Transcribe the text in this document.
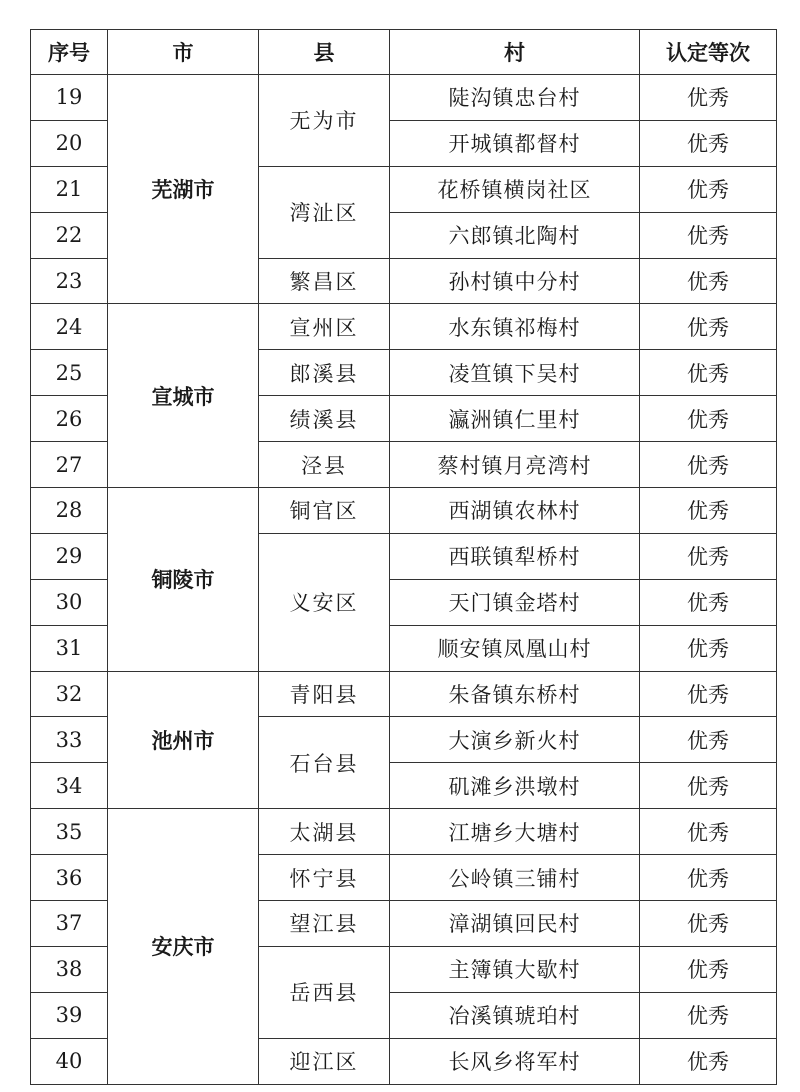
序号	市	县	村	认定等次
19	芜湖市	无为市	陡沟镇忠台村	优秀
20			开城镇都督村	优秀
21		湾沚区	花桥镇横岗社区	优秀
22			六郎镇北陶村	优秀
23		繁昌区	孙村镇中分村	优秀
24	宣城市	宣州区	水东镇祁梅村	优秀
25		郎溪县	凌笪镇下吴村	优秀
26		绩溪县	瀛洲镇仁里村	优秀
27		泾县	蔡村镇月亮湾村	优秀
28	铜陵市	铜官区	西湖镇农林村	优秀
29		义安区	西联镇犁桥村	优秀
30			天门镇金塔村	优秀
31			顺安镇凤凰山村	优秀
32	池州市	青阳县	朱备镇东桥村	优秀
33		石台县	大演乡新火村	优秀
34			矶滩乡洪墩村	优秀
35	安庆市	太湖县	江塘乡大塘村	优秀
36		怀宁县	公岭镇三铺村	优秀
37		望江县	漳湖镇回民村	优秀
38		岳西县	主簿镇大歇村	优秀
39			冶溪镇琥珀村	优秀
40		迎江区	长风乡将军村	优秀
